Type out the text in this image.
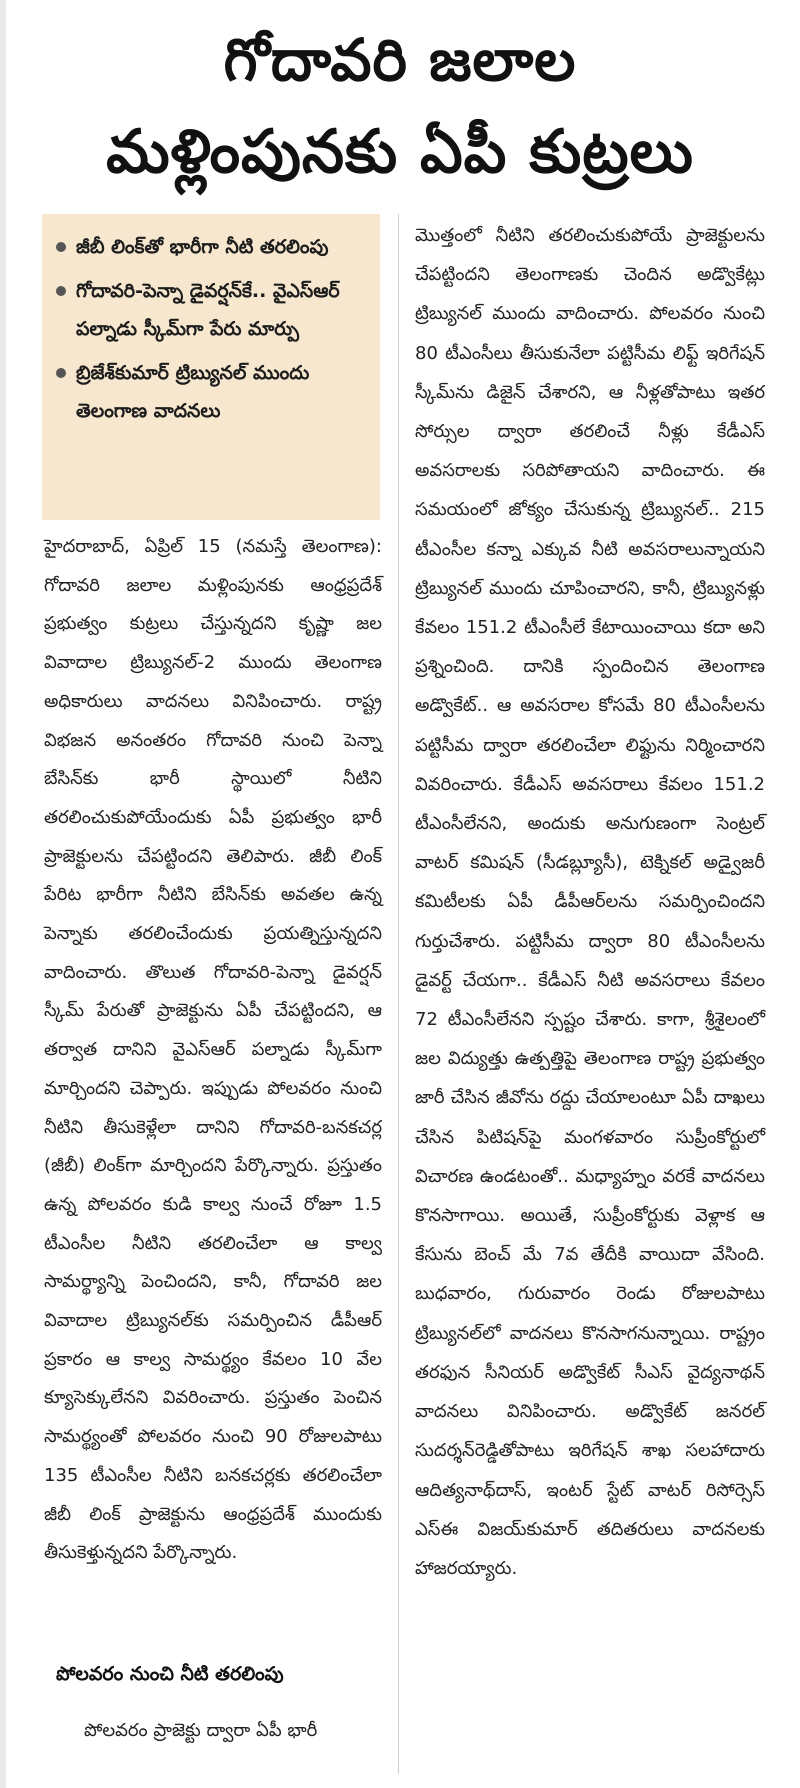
గోదావరి జలాల
మళ్లింపునకు ఏపీ కుట్రలు
జీబీ లింక్‌తో భారీగా నీటి తరలింపు
గోదావరి-పెన్నా డైవర్షన్‌కే.. వైఎస్‌ఆర్ పల్నాడు స్కీమ్‌గా పేరు మార్పు
బ్రిజేశ్‌కుమార్ ట్రిబ్యునల్ ముందు తెలంగాణ వాదనలు

హైదరాబాద్, ఏప్రిల్ 15 (నమస్తే తెలంగాణ): గోదావరి జలాల మళ్లింపునకు ఆంధ్రప్రదేశ్ ప్రభుత్వం కుట్రలు చేస్తున్నదని కృష్ణా జల వివాదాల ట్రిబ్యునల్-2 ముందు తెలంగాణ అధికారులు వాదనలు వినిపించారు. రాష్ట్ర విభజన అనంతరం గోదావరి నుంచి పెన్నా బేసిన్‌కు భారీ స్థాయిలో నీటిని తరలించుకుపోయేందుకు ఏపీ ప్రభుత్వం భారీ ప్రాజెక్టులను చేపట్టిందని తెలిపారు. జీబీ లింక్ పేరిట భారీగా నీటిని బేసిన్‌కు అవతల ఉన్న పెన్నాకు తరలించేందుకు ప్రయత్నిస్తున్నదని వాదించారు. తొలుత గోదావరి-పెన్నా డైవర్షన్ స్కీమ్ పేరుతో ప్రాజెక్టును ఏపీ చేపట్టిందని, ఆ తర్వాత దానిని వైఎస్‌ఆర్ పల్నాడు స్కీమ్‌గా మార్చిందని చెప్పారు. ఇప్పుడు పోలవరం నుంచి నీటిని తీసుకెళ్లేలా దానిని గోదావరి-బనకచర్ల (జీబీ) లింక్‌గా మార్చిందని పేర్కొన్నారు. ప్రస్తుతం ఉన్న పోలవరం కుడి కాల్వ నుంచే రోజూ 1.5 టీఎంసీల నీటిని తరలించేలా ఆ కాల్వ సామర్థ్యాన్ని పెంచిందని, కానీ, గోదావరి జల వివాదాల ట్రిబ్యునల్‌కు సమర్పించిన డీపీఆర్ ప్రకారం ఆ కాల్వ సామర్థ్యం కేవలం 10 వేల క్యూసెక్కులేనని వివరించారు. ప్రస్తుతం పెంచిన సామర్థ్యంతో పోలవరం నుంచి 90 రోజులపాటు 135 టీఎంసీల నీటిని బనకచర్లకు తరలించేలా జీబీ లింక్ ప్రాజెక్టును ఆంధ్రప్రదేశ్ ముందుకు తీసుకెళ్తున్నదని పేర్కొన్నారు.

పోలవరం నుంచి నీటి తరలింపు

పోలవరం ప్రాజెక్టు ద్వారా ఏపీ భారీ

మొత్తంలో నీటిని తరలించుకుపోయే ప్రాజెక్టులను చేపట్టిందని తెలంగాణకు చెందిన అడ్వొకేట్లు ట్రిబ్యునల్ ముందు వాదించారు. పోలవరం నుంచి 80 టీఎంసీలు తీసుకునేలా పట్టిసీమ లిఫ్ట్ ఇరిగేషన్ స్కీమ్‌ను డిజైన్ చేశారని, ఆ నీళ్లతోపాటు ఇతర సోర్సుల ద్వారా తరలించే నీళ్లు కేడీఎస్ అవసరాలకు సరిపోతాయని వాదించారు. ఈ సమయంలో జోక్యం చేసుకున్న ట్రిబ్యునల్.. 215 టీఎంసీల కన్నా ఎక్కువ నీటి అవసరాలున్నాయని ట్రిబ్యునల్ ముందు చూపించారని, కానీ, ట్రిబ్యునళ్లు కేవలం 151.2 టీఎంసీలే కేటాయించాయి కదా అని ప్రశ్నించింది. దానికి స్పందించిన తెలంగాణ అడ్వొకేట్.. ఆ అవసరాల కోసమే 80 టీఎంసీలను పట్టిసీమ ద్వారా తరలించేలా లిఫ్టును నిర్మించారని వివరించారు. కేడీఎస్ అవసరాలు కేవలం 151.2 టీఎంసీలేనని, అందుకు అనుగుణంగా సెంట్రల్ వాటర్ కమిషన్ (సీడబ్ల్యూసీ), టెక్నికల్ అడ్వైజరీ కమిటీలకు ఏపీ డీపీఆర్‌లను సమర్పించిందని గుర్తుచేశారు. పట్టిసీమ ద్వారా 80 టీఎంసీలను డైవర్ట్ చేయగా.. కేడీఎస్ నీటి అవసరాలు కేవలం 72 టీఎంసీలేనని స్పష్టం చేశారు. కాగా, శ్రీశైలంలో జల విద్యుత్తు ఉత్పత్తిపై తెలంగాణ రాష్ట్ర ప్రభుత్వం జారీ చేసిన జీవోను రద్దు చేయాలంటూ ఏపీ దాఖలు చేసిన పిటిషన్‌పై మంగళవారం సుప్రీంకోర్టులో విచారణ ఉండటంతో.. మధ్యాహ్నం వరకే వాదనలు కొనసాగాయి. అయితే, సుప్రీంకోర్టుకు వెళ్లాక ఆ కేసును బెంచ్ మే 7వ తేదీకి వాయిదా వేసింది. బుధవారం, గురువారం రెండు రోజులపాటు ట్రిబ్యునల్‌లో వాదనలు కొనసాగనున్నాయి. రాష్ట్రం తరఫున సీనియర్ అడ్వొకేట్ సీఎస్ వైద్యనాథన్ వాదనలు వినిపించారు. అడ్వొకేట్ జనరల్ సుదర్శన్‌రెడ్డితోపాటు ఇరిగేషన్ శాఖ సలహాదారు ఆదిత్యనాథ్‌దాస్, ఇంటర్ స్టేట్ వాటర్ రిసోర్సెస్ ఎస్‌ఈ విజయ్‌కుమార్ తదితరులు వాదనలకు హాజరయ్యారు.
